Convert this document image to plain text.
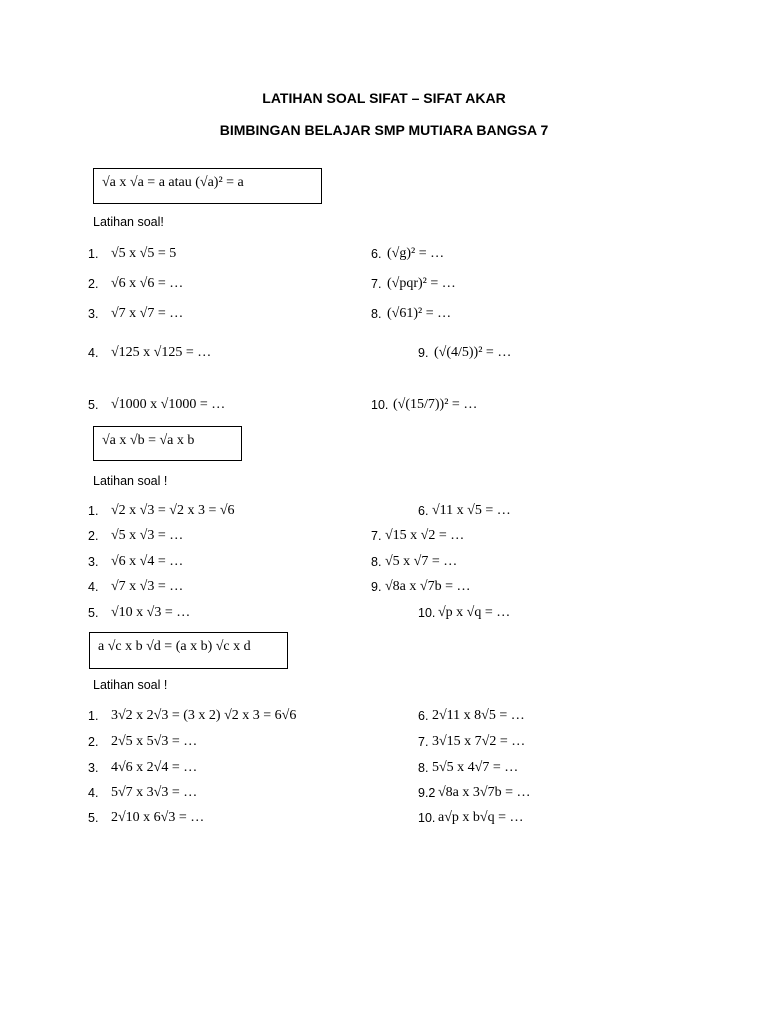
LATIHAN SOAL SIFAT – SIFAT AKAR
BIMBINGAN BELAJAR SMP MUTIARA BANGSA 7
√a x √a = a atau (√a)² = a
Latihan soal!
1. √5 x √5 = 5
2. √6 x √6 = …
3. √7 x √7 = …
4. √125 x √125 = …
5. √1000 x √1000 = …
6. (√g)² = …
7. (√pqr)² = …
8. (√61)² = …
9. (√(4/5))² = …
10. (√(15/7))² = …
√a x √b = √a x b
Latihan soal !
1. √2 x √3 = √2 x 3 = √6
2. √5 x √3 = …
3. √6 x √4 = …
4. √7 x √3 = …
5. √10 x √3 = …
6. √11 x √5 = …
7. √15 x √2 = …
8. √5 x √7 = …
9. √8a x √7b = …
10. √p x √q = …
a √c x b √d = (a x b) √c x d
Latihan soal !
1. 3√2 x 2√3 = (3 x 2) √2 x 3 = 6√6
2. 2√5 x 5√3 = …
3. 4√6 x 2√4 = …
4. 5√7 x 3√3 = …
5. 2√10 x 6√3 = …
6. 2√11 x 8√5 = …
7. 3√15 x 7√2 = …
8. 5√5 x 4√7 = …
9.2 √8a x 3√7b = …
10. a√p x b√q = …
